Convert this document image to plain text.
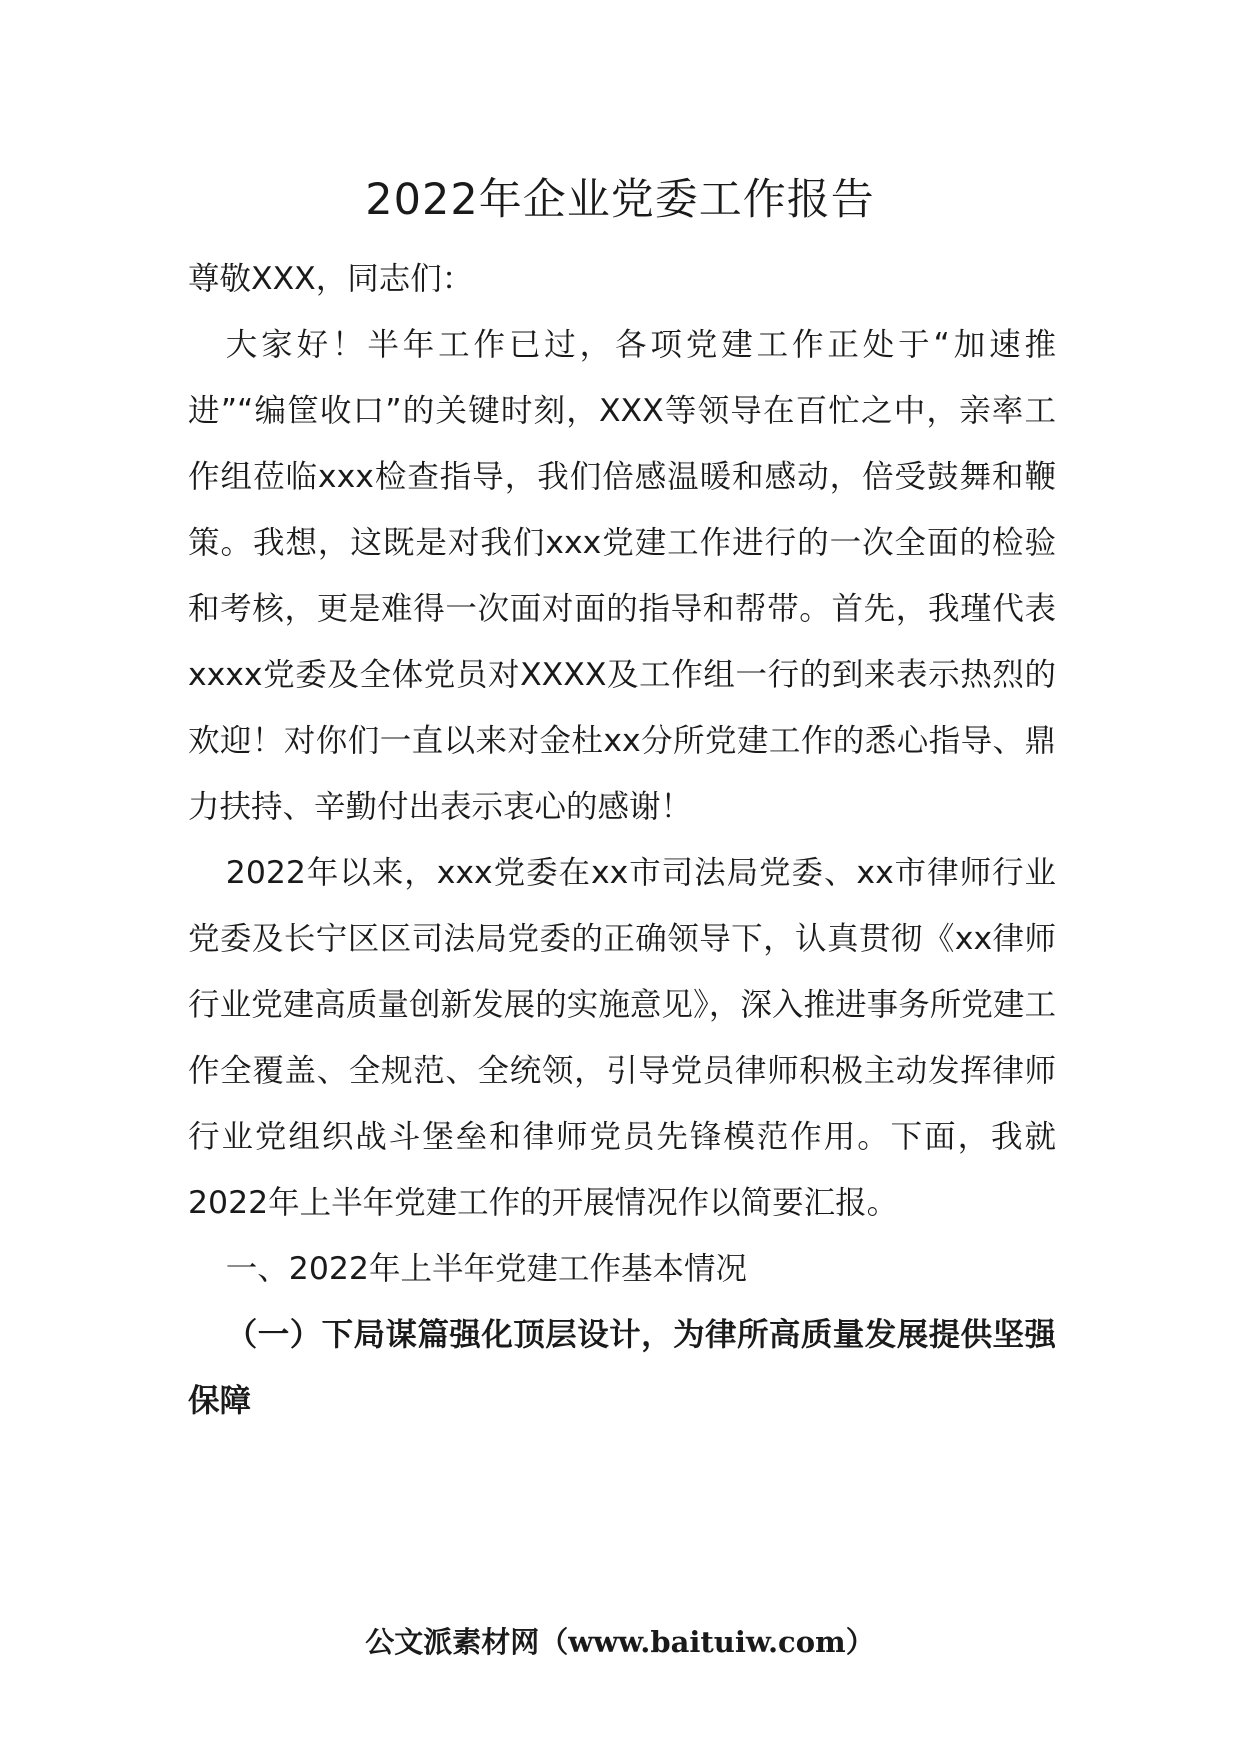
2022年企业党委工作报告

尊敬XXX，同志们：

大家好！半年工作已过，各项党建工作正处于“加速推进”“编筐收口”的关键时刻，XXX等领导在百忙之中，亲率工作组莅临xxx检查指导，我们倍感温暖和感动，倍受鼓舞和鞭策。我想，这既是对我们xxx党建工作进行的一次全面的检验和考核，更是难得一次面对面的指导和帮带。首先，我瑾代表xxxx党委及全体党员对XXXX及工作组一行的到来表示热烈的欢迎！对你们一直以来对金杜xx分所党建工作的悉心指导、鼎力扶持、辛勤付出表示衷心的感谢！

2022年以来，xxx党委在xx市司法局党委、xx市律师行业党委及长宁区区司法局党委的正确领导下，认真贯彻《xx律师行业党建高质量创新发展的实施意见》，深入推进事务所党建工作全覆盖、全规范、全统领，引导党员律师积极主动发挥律师行业党组织战斗堡垒和律师党员先锋模范作用。下面，我就2022年上半年党建工作的开展情况作以简要汇报。

一、2022年上半年党建工作基本情况

（一）下局谋篇强化顶层设计，为律所高质量发展提供坚强保障

公文派素材网（www.baituiw.com）
